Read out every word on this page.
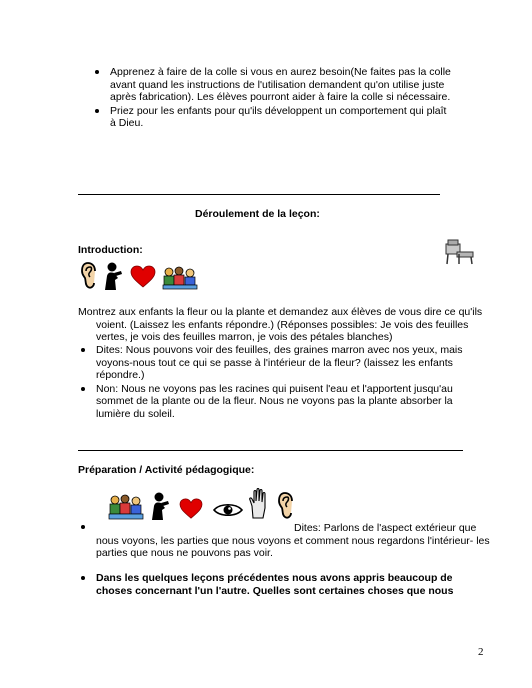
Apprenez à faire de la colle si vous en aurez besoin(Ne faites pas la colle avant quand les instructions de l'utilisation demandent qu'on utilise juste après fabrication). Les élèves pourront aider à faire la colle si nécessaire.
Priez pour les enfants pour qu'ils développent un comportement qui plaît à Dieu.
Déroulement de la leçon:
Introduction:
Montrez aux enfants la fleur ou la plante et demandez aux élèves de vous dire ce qu'ils voient. (Laissez les enfants répondre.) (Réponses possibles: Je vois des feuilles vertes, je vois des feuilles marron, je vois des pétales blanches)
Dites: Nous pouvons voir des feuilles, des graines marron avec nos yeux, mais voyons-nous tout ce qui se passe à l'intérieur de la fleur? (laissez les enfants répondre.)
Non: Nous ne voyons pas les racines qui puisent l'eau et l'apportent jusqu'au sommet de la plante ou de la fleur. Nous ne voyons pas la plante absorber la lumière du soleil.
Préparation / Activité pédagogique:
Dites: Parlons de l'aspect extérieur que nous voyons, les parties que nous voyons et comment nous regardons l'intérieur- les parties que nous ne pouvons pas voir.
Dans les quelques leçons précédentes nous avons appris beaucoup de choses concernant l'un l'autre. Quelles sont certaines choses que nous
2
